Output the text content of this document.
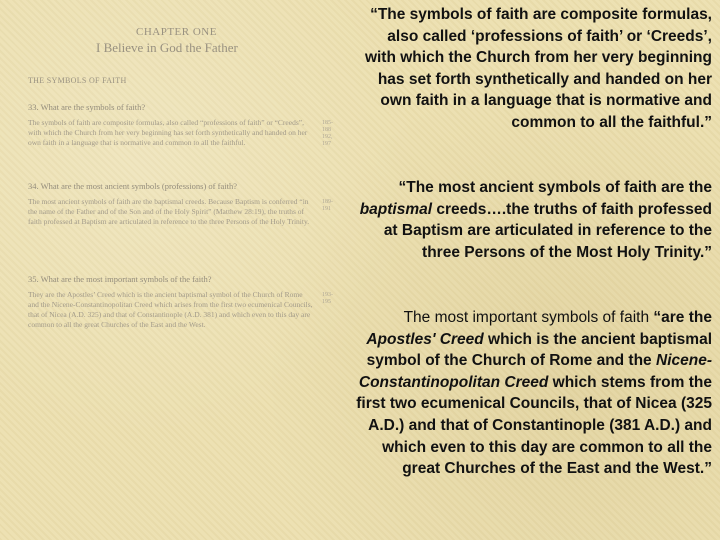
CHAPTER ONE
I Believe in God the Father
THE SYMBOLS OF FAITH
33. What are the symbols of faith?
The symbols of faith are composite formulas, also called “professions of faith” or “Creeds”, with which the Church from her very beginning has set forth synthetically and handed on her own faith in a language that is normative and common to all the faithful.
185-188 192, 197
34. What are the most ancient symbols (professions) of faith?
The most ancient symbols of faith are the baptismal creeds. Because Baptism is conferred “in the name of the Father and of the Son and of the Holy Spirit” (Matthew 28:19), the truths of faith professed at Baptism are articulated in reference to the three Persons of the Holy Trinity.
189-191
35. What are the most important symbols of the faith?
They are the Apostles’ Creed which is the ancient baptismal symbol of the Church of Rome and the Nicene-Constantinopolitan Creed which arises from the first two ecumenical Councils, that of Nicea (A.D. 325) and that of Constantinople (A.D. 381) and which even to this day are common to all the great Churches of the East and the West.
193-195

“The symbols of faith are composite formulas, also called ‘professions of faith’ or ‘Creeds’, with which the Church from her very beginning has set forth synthetically and handed on her own faith in a language that is normative and common to all the faithful.”

“The most ancient symbols of faith are the baptismal creeds….the truths of faith professed at Baptism are articulated in reference to the three Persons of the Most Holy Trinity.”

The most important symbols of faith “are the Apostles' Creed which is the ancient baptismal symbol of the Church of Rome and the Nicene-Constantinopolitan Creed which stems from the first two ecumenical Councils, that of Nicea (325 A.D.) and that of Constantinople (381 A.D.) and which even to this day are common to all the great Churches of the East and the West.”
